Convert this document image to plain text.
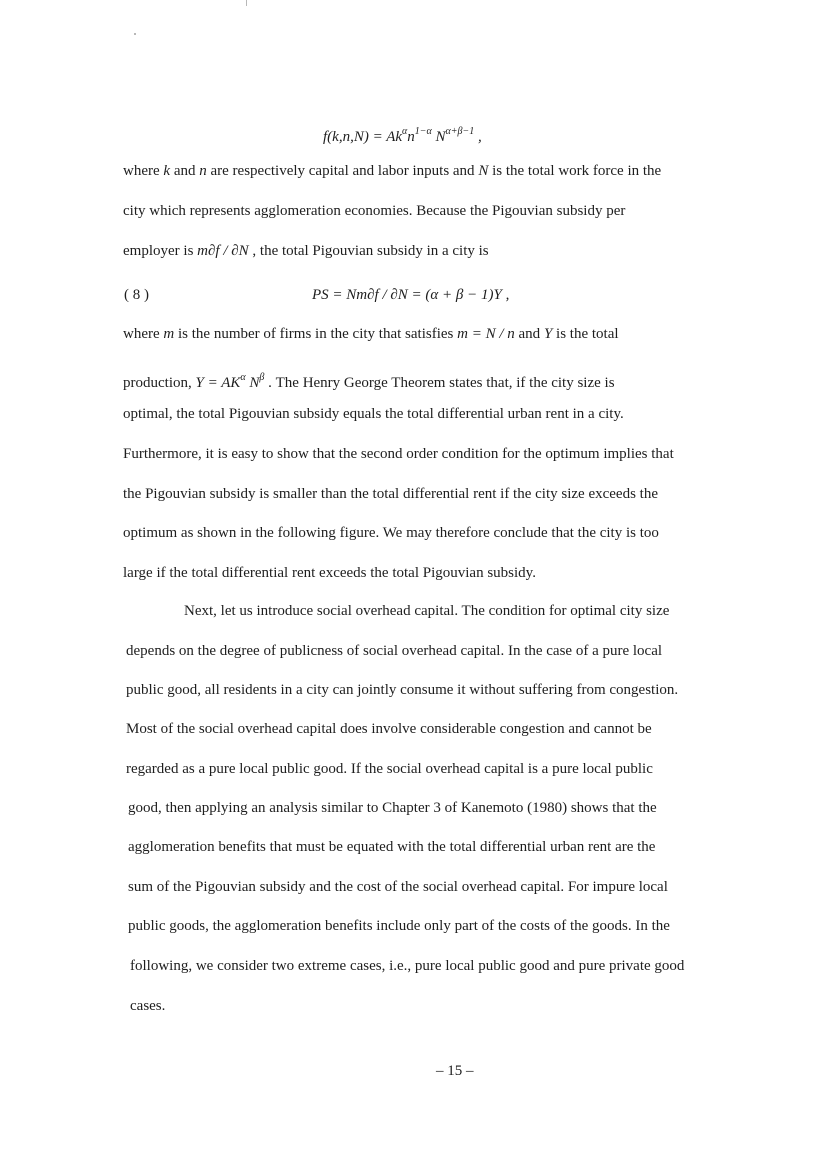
$f(k,n,N) = Ak^\alpha n^{1-\alpha}$ $N^{\alpha+\beta-1}$ ,
where k and n are respectively capital and labor inputs and N is the total work force in the
city which represents agglomeration economies. Because the Pigouvian subsidy per
employer is m∂f / ∂N , the total Pigouvian subsidy in a city is
( 8 )	PS = Nm∂f / ∂N = (α + β − 1)Y ,
where m is the number of firms in the city that satisfies m = N / n and Y is the total
production, $Y = AK^\alpha$ $N^\beta$ . The Henry George Theorem states that, if the city size is
optimal, the total Pigouvian subsidy equals the total differential urban rent in a city.
Furthermore, it is easy to show that the second order condition for the optimum implies that
the Pigouvian subsidy is smaller than the total differential rent if the city size exceeds the
optimum as shown in the following figure. We may therefore conclude that the city is too
large if the total differential rent exceeds the total Pigouvian subsidy.
Next, let us introduce social overhead capital. The condition for optimal city size
depends on the degree of publicness of social overhead capital. In the case of a pure local
public good, all residents in a city can jointly consume it without suffering from congestion.
Most of the social overhead capital does involve considerable congestion and cannot be
regarded as a pure local public good. If the social overhead capital is a pure local public
good, then applying an analysis similar to Chapter 3 of Kanemoto (1980) shows that the
agglomeration benefits that must be equated with the total differential urban rent are the
sum of the Pigouvian subsidy and the cost of the social overhead capital. For impure local
public goods, the agglomeration benefits include only part of the costs of the goods. In the
following, we consider two extreme cases, i.e., pure local public good and pure private good
cases.
– 15 –
